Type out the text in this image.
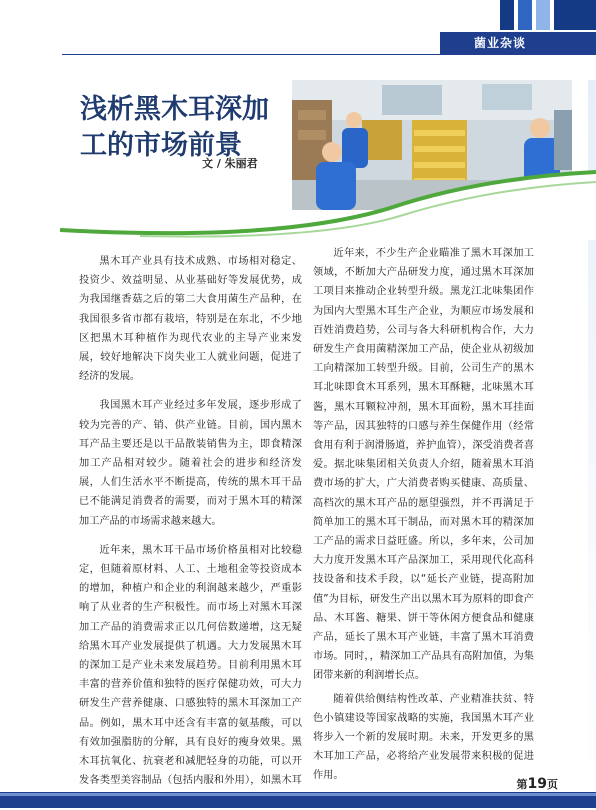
菌业杂谈
浅析黑木耳深加工的市场前景
文 / 朱丽君

黑木耳产业具有技术成熟、市场相对稳定、投资少、效益明显、从业基础好等发展优势，成为我国继香菇之后的第二大食用菌生产品种，在我国很多省市都有栽培，特别是在东北，不少地区把黑木耳种植作为现代农业的主导产业来发展，较好地解决下岗失业工人就业问题，促进了经济的发展。

我国黑木耳产业经过多年发展，逐步形成了较为完善的产、销、供产业链。目前，国内黑木耳产品主要还是以干品散装销售为主，即食精深加工产品相对较少。随着社会的进步和经济发展，人们生活水平不断提高，传统的黑木耳干品已不能满足消费者的需要，而对于黑木耳的精深加工产品的市场需求越来越大。

近年来，黑木耳干品市场价格虽相对比较稳定，但随着原材料、人工、土地租金等投资成本的增加，种植户和企业的利润越来越少，严重影响了从业者的生产积极性。而市场上对黑木耳深加工产品的消费需求正以几何倍数递增，这无疑给黑木耳产业发展提供了机遇。大力发展黑木耳的深加工是产业未来发展趋势。目前利用黑木耳丰富的营养价值和独特的医疗保健功效，可大力研发生产营养健康、口感独特的黑木耳深加工产品。例如，黑木耳中还含有丰富的氨基酸，可以有效加强脂肪的分解，具有良好的瘦身效果。黑木耳抗氧化、抗衰老和减肥轻身的功能，可以开发各类型美容制品（包括内服和外用），如黑木耳

近年来，不少生产企业瞄准了黑木耳深加工领域，不断加大产品研发力度，通过黑木耳深加工项目来推动企业转型升级。黑龙江北味集团作为国内大型黑木耳生产企业，为顺应市场发展和百姓消费趋势，公司与各大科研机构合作，大力研发生产食用菌精深加工产品，使企业从初级加工向精深加工转型升级。目前，公司生产的黑木耳北味即食木耳系列，黑木耳酥糖，北味黑木耳酱，黑木耳颗粒冲剂，黑木耳面粉，黑木耳挂面等产品，因其独特的口感与养生保健作用（经常食用有利于润滑肠道，养护血管），深受消费者喜爱。据北味集团相关负责人介绍，随着黑木耳消费市场的扩大，广大消费者购买健康、高质量、高档次的黑木耳产品的愿望强烈，并不再满足于简单加工的黑木耳干制品，而对黑木耳的精深加工产品的需求日益旺盛。所以，多年来，公司加大力度开发黑木耳产品深加工，采用现代化高科技设备和技术手段，以“延长产业链，提高附加值”为目标，研发生产出以黑木耳为原料的即食产品、木耳酱、糖果、饼干等休闲方便食品和健康产品，延长了黑木耳产业链，丰富了黑木耳消费市场。同时，，精深加工产品具有高附加值，为集团带来新的利润增长点。

随着供给侧结构性改革、产业精准扶贫、特色小镇建设等国家战略的实施，我国黑木耳产业将步入一个新的发展时期。未来，开发更多的黑木耳加工产品，必将给产业发展带来积极的促进作用。

第19页
